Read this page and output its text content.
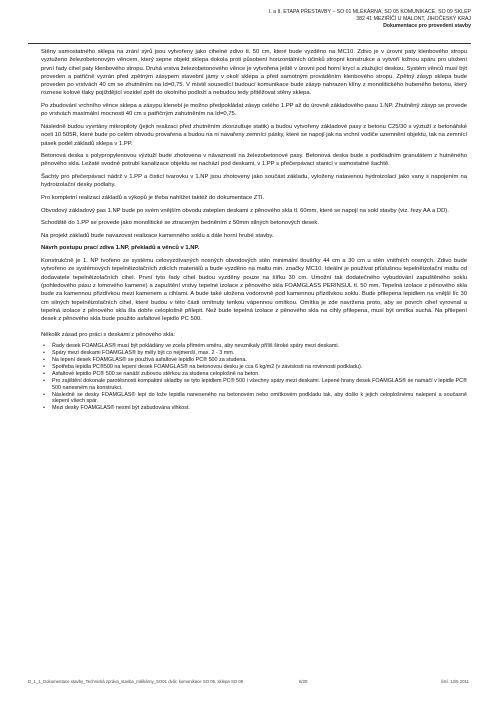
I. a II. ETAPA PŘESTAVBY – SO 01 MLÉKÁRNA, SO 05 KOMUNIKACE, SO 09 SKLEP
382 41 MEZIŘÍČÍ U MALONT, JIHOČESKÝ KRAJ
Dokumentace pro provedení stavby

Stěny samostatného sklepa na zrání sýrů jsou vytvořeny jako cihelné zdivo tl. 50 cm, které bude vyzděno na MC10. Zdivo je v úrovni paty klenbového stropu vyztuženo železobetonovým věncem, který sepne objekt sklepa dokola proti působení horizontálních účinků stropní konstrukce a vytvoří ložnou spáru pro uložení první řady cihel paty klenbového stropu. Druhá vrstva železobetonového věnce je vytvořena ještě v úrovni pod horní krycí a ztužující deskou. Systém věnců musí být proveden a patřičně vyzrán před zpětným zásypem stavební jámy v okolí sklepa a před samotným prováděním klenbového stropu. Zpětný zásyp sklepa bude proveden po vrstvách 40 cm se zhutněním na Id=0,75. V místě sousedící budoucí komunikace bude zásyp nahrazen klíny z monolitického hubeného betonu, který roznese kolové tlaky pojíždějící vozidel zpět do okolního podloží a nebudou tedy přitěžovat stěny sklepa.

Po zbudování vrchního věnce sklepa a zásypu klenebí je možno předpokládat zásyp celého 1.PP až do úrovně základového pasu 1.NP. Zhutněný zásyp se provede po vrstvách maximální mocnosti 40 cm s patřičným zahutněním na Id=0,75.

Následně budou vyvrtány mikropiloty (jejich realizaci před zhutněním zkonzultuje statik) a budou vytvořeny základové pasy z betonu C25/30 s výztuží z betonářské oceli 10 505R, které bude po celém obvodu provařena a budou na ni navařeny zemnící pásky, které se napojí jak na vrchní vodiče uzemnění objektu, tak na zemnící pásek podél základů sklepa v 1.PP.

Betonová deska s polypropylenovou výztuží bude zhotovena v návaznosti na železobetonové pasy. Betonová deska bude s podkladním granulátem z hutněného pěnového skla. Ležaté svodné potrubí kanalizace objektu se nachází pod deskami, v 1.PP s přečerpávací stanicí v samostatné šachtě.

Šachty pro přečerpávací nádrž v 1.PP a čisticí tvarovku v 1.NP jsou zhotoveny jako součást základu, vyloženy natavenou hydroizolací jako vany s napojením na hydroizolační desky podlahy.

Pro kompletní realizaci základů a výkopů je třeba nahlížet taktéž do dokumentace ZTI.

Obvodový základový pas 1.NP bude po svém vnějším obvodu zateplen deskami z pěnového skla tl. 60mm, které se napojí na sokl stavby (viz. řezy AA a DD).

Schodiště do 1.PP se provede jako monolitické se ztraceným bedněním z 50mm silných betonových desek.

Na projekt základů bude navazovat realizace kamenného soklu a dále horní hrubé stavby.

Návrh postupu prací zdiva 1.NP, překladů a věnců v 1.NP.

Konstrukčně je 1. NP tvořeno ze systému celovyzdívaných nosných obvodových stěn minimální tloušťky 44 cm a 30 cm u stěn vnitřních nosných. Zdivo bude vytvořeno ze systémových tepelněizolačních zdicích materiálů a bude vyzděno na maltu min. značky MC10. Ideální je používat příslušnou tepelněizolační maltu od dodavatele tepelněizolačních cihel. První tyto řady cihel budou vyzděny pouze na šířku 30 cm. Umožní tak dodatečného vybudování zapuštěného soklu (pohledového pásu z lomového kamene) a zapuštění vrstvy tepelné izolace z pěnového skla FOAMGLASS PERINSUL tl. 50 mm. Tepelná izolace z pěnového skla bude za kamennou přizdívkou mezi kamenem a cihlami. A bude také uložena vodorovně pod kamennou přizdívkou soklu. Bude přilepena lepidlem na vnější líc 30 cm silných tepelněizolačních cihel, které budou v této části omítnuty tenkou vápennou omítkou. Omítka je zde navržena proto, aby se povrch cihel vyrovnal a tepelná izolace z pěnového skla šla dobře celoplošně přilepit. Než bude tepelná izolace z pěnového skla na cihly přilepena, musí být omítka suchá. Na přilepení desek z pěnového skla bude použito asfaltové lepidlo PC 500.

Několik zásad pro práci s deskami z pěnového skla:

• Řady desek FOAMGLAS® musí být pokládány ve zcela přímém směru, aby nevznikaly příliš široké spáry mezi deskami.
• Spáry mezi deskami FOAMGLAS® by měly být co nejmenší, max. 2 - 3 mm.
• Na lepení desek FOAMGLAS® se používá asfaltové lepidlo PC® 500 za studena.
• Spotřeba lepidla PC®500 na lepení desek FOAMGLAS® na betonovou desku je cca 6 kg/m2 (v závislosti na rovinnosti podkladu).
• Asfaltové lepidlo PC® 500 se nanáší zubovou stěrkou za studena celoplošně na beton.
• Pro zajištění dokonale parotěsnosti kompaktní skladby se tyto lepidlem PC® 500 i všechny spáry mezi deskami. Lepené hrany desek FOAMGLAS® se namáčí v lepidle PC® 500 nanesném na konstrukci.
• Následně se desky FOAMGLAS® lepí do lože lepidla naneseného na betonovém nebo omítkovém podkladu tak, aby došlo k jejich celoplošnému nalepení a současně slepení všech spár.
• Mezi desky FOAMGLAS® nesmí být zabudována vlhkost.
D_1_1_Dokumentace stavby_Technická zpráva_stavba_mlékárny_SO01 dvůr, komunikace SO 05, sklepa SO 09	6/20	listí. 12/5 2011
